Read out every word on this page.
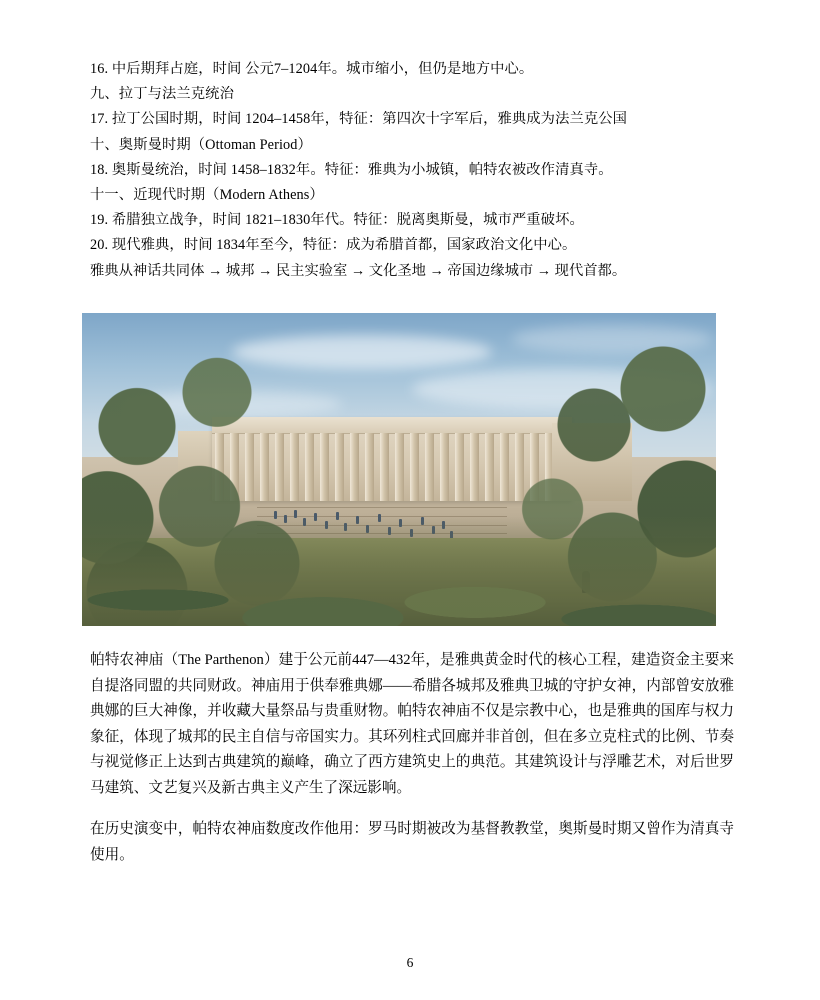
16. 中后期拜占庭，时间 公元7–1204年。城市缩小，但仍是地方中心。
九、拉丁与法兰克统治
17. 拉丁公国时期，时间 1204–1458年，特征：第四次十字军后，雅典成为法兰克公国
十、奥斯曼时期（Ottoman Period）
18. 奥斯曼统治，时间 1458–1832年。特征：雅典为小城镇，帕特农被改作清真寺。
十一、近现代时期（Modern Athens）
19. 希腊独立战争，时间 1821–1830年代。特征：脱离奥斯曼，城市严重破坏。
20. 现代雅典，时间 1834年至今，特征：成为希腊首都，国家政治文化中心。
雅典从神话共同体 → 城邦 → 民主实验室 → 文化圣地 → 帝国边缘城市 → 现代首都。
帕特农神庙（The Parthenon）建于公元前447—432年，是雅典黄金时代的核心工程，建造资金主要来自提洛同盟的共同财政。神庙用于供奉雅典娜——希腊各城邦及雅典卫城的守护女神，内部曾安放雅典娜的巨大神像，并收藏大量祭品与贵重财物。帕特农神庙不仅是宗教中心，也是雅典的国库与权力象征，体现了城邦的民主自信与帝国实力。其环列柱式回廊并非首创，但在多立克柱式的比例、节奏与视觉修正上达到古典建筑的巅峰，确立了西方建筑史上的典范。其建筑设计与浮雕艺术，对后世罗马建筑、文艺复兴及新古典主义产生了深远影响。
在历史演变中，帕特农神庙数度改作他用：罗马时期被改为基督教教堂，奥斯曼时期又曾作为清真寺使用。
6
